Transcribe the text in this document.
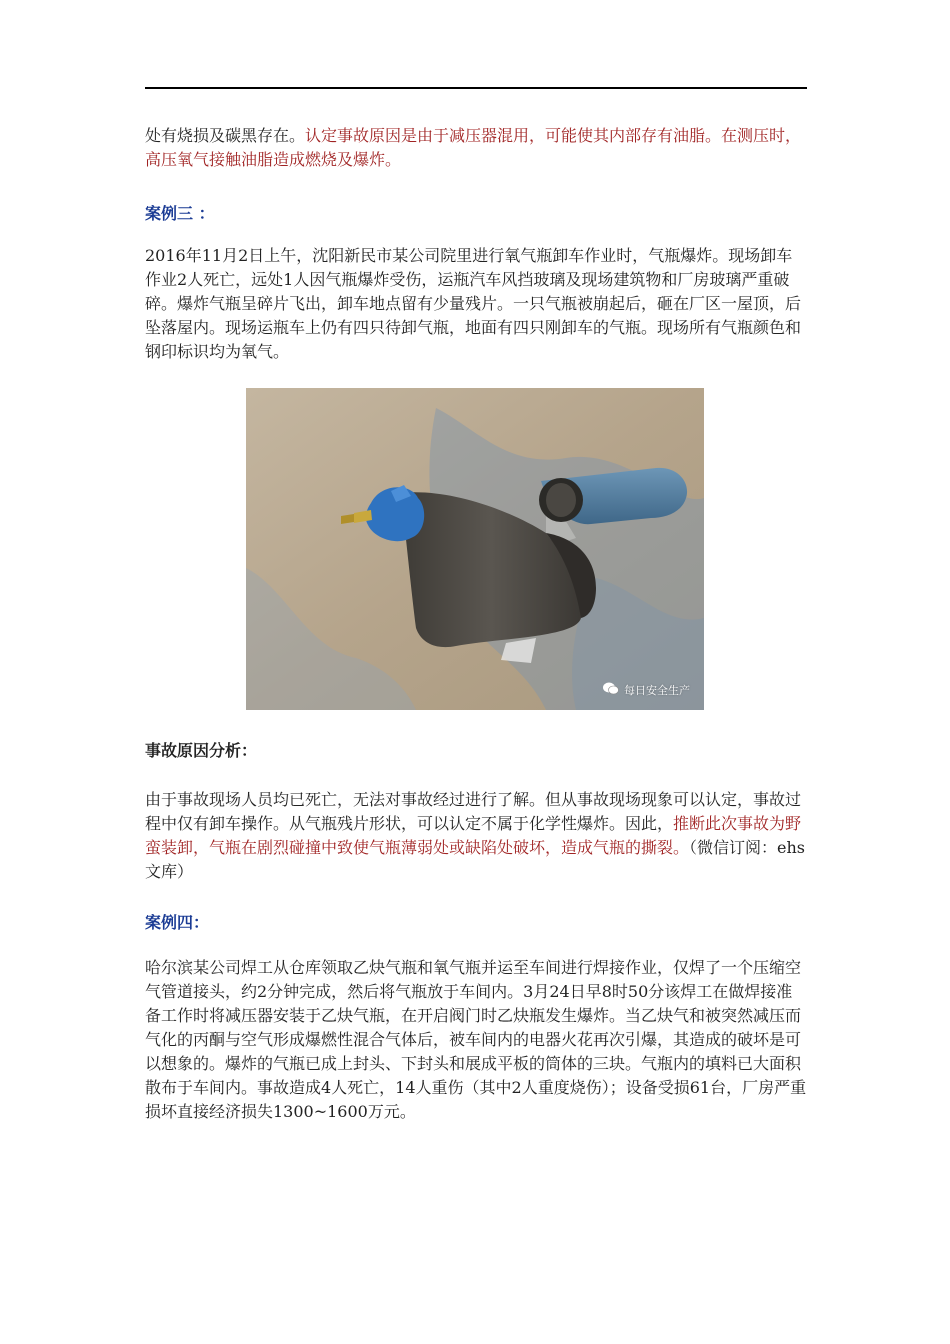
处有烧损及碳黑存在。认定事故原因是由于减压器混用，可能使其内部存有油脂。在测压时，高压氧气接触油脂造成燃烧及爆炸。

案例三 ：

2016年11月2日上午，沈阳新民市某公司院里进行氧气瓶卸车作业时，气瓶爆炸。现场卸车作业2人死亡，远处1人因气瓶爆炸受伤，运瓶汽车风挡玻璃及现场建筑物和厂房玻璃严重破碎。爆炸气瓶呈碎片飞出，卸车地点留有少量残片。一只气瓶被崩起后，砸在厂区一屋顶，后坠落屋内。现场运瓶车上仍有四只待卸气瓶，地面有四只刚卸车的气瓶。现场所有气瓶颜色和钢印标识均为氧气。

每日安全生产

事故原因分析：

由于事故现场人员均已死亡，无法对事故经过进行了解。但从事故现场现象可以认定，事故过程中仅有卸车操作。从气瓶残片形状，可以认定不属于化学性爆炸。因此，推断此次事故为野蛮装卸，气瓶在剧烈碰撞中致使气瓶薄弱处或缺陷处破坏，造成气瓶的撕裂。（微信订阅：ehs文库）

案例四：

哈尔滨某公司焊工从仓库领取乙炔气瓶和氧气瓶并运至车间进行焊接作业，仅焊了一个压缩空气管道接头，约2分钟完成，然后将气瓶放于车间内。3月24日早8时50分该焊工在做焊接准备工作时将减压器安装于乙炔气瓶，在开启阀门时乙炔瓶发生爆炸。当乙炔气和被突然减压而气化的丙酮与空气形成爆燃性混合气体后，被车间内的电器火花再次引爆，其造成的破坏是可以想象的。爆炸的气瓶已成上封头、下封头和展成平板的筒体的三块。气瓶内的填料已大面积散布于车间内。事故造成4人死亡，14人重伤（其中2人重度烧伤）；设备受损61台，厂房严重损坏直接经济损失1300~1600万元。
